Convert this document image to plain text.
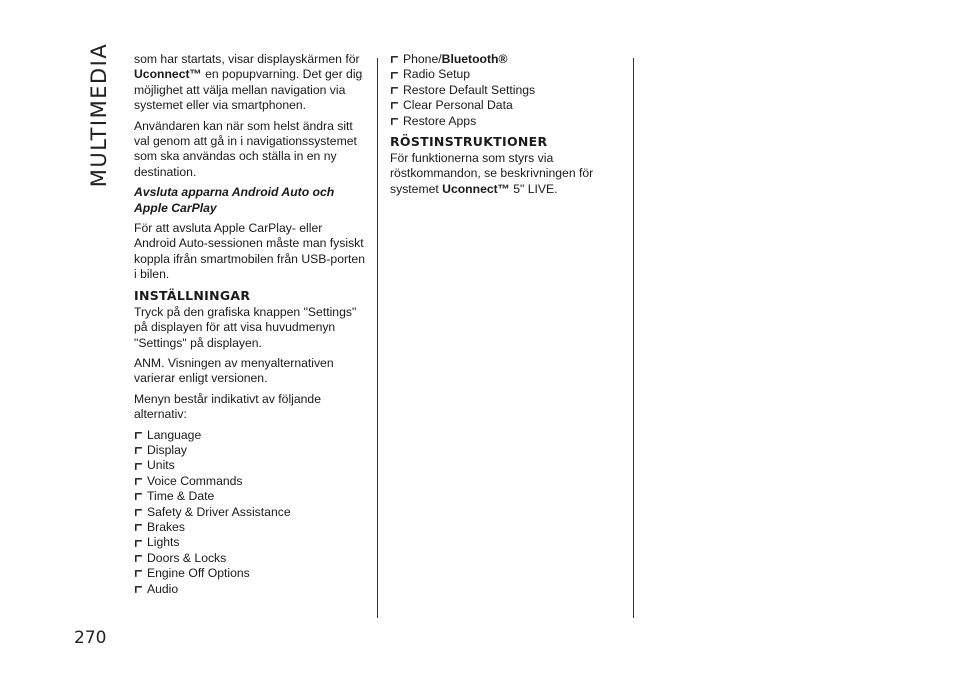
MULTIMEDIA som har startats, visar displayskärmen för Uconnect™ en popupvarning. Det ger dig möjlighet att välja mellan navigation via systemet eller via smartphonen.

Användaren kan när som helst ändra sitt val genom att gå in i navigationssystemet som ska användas och ställa in en ny destination.

Avsluta apparna Android Auto och Apple CarPlay

För att avsluta Apple CarPlay- eller Android Auto-sessionen måste man fysiskt koppla ifrån smartmobilen från USB-porten i bilen.

INSTÄLLNINGAR

Tryck på den grafiska knappen "Settings" på displayen för att visa huvudmenyn "Settings" på displayen.

ANM. Visningen av menyalternativen varierar enligt versionen.

Menyn består indikativt av följande alternativ:

Language
Display
Units
Voice Commands
Time & Date
Safety & Driver Assistance
Brakes
Lights
Doors & Locks
Engine Off Options
Audio
Phone/Bluetooth®
Radio Setup
Restore Default Settings
Clear Personal Data
Restore Apps
RÖSTINSTRUKTIONER

För funktionerna som styrs via röstkommandon, se beskrivningen för systemet Uconnect™ 5" LIVE.

270
